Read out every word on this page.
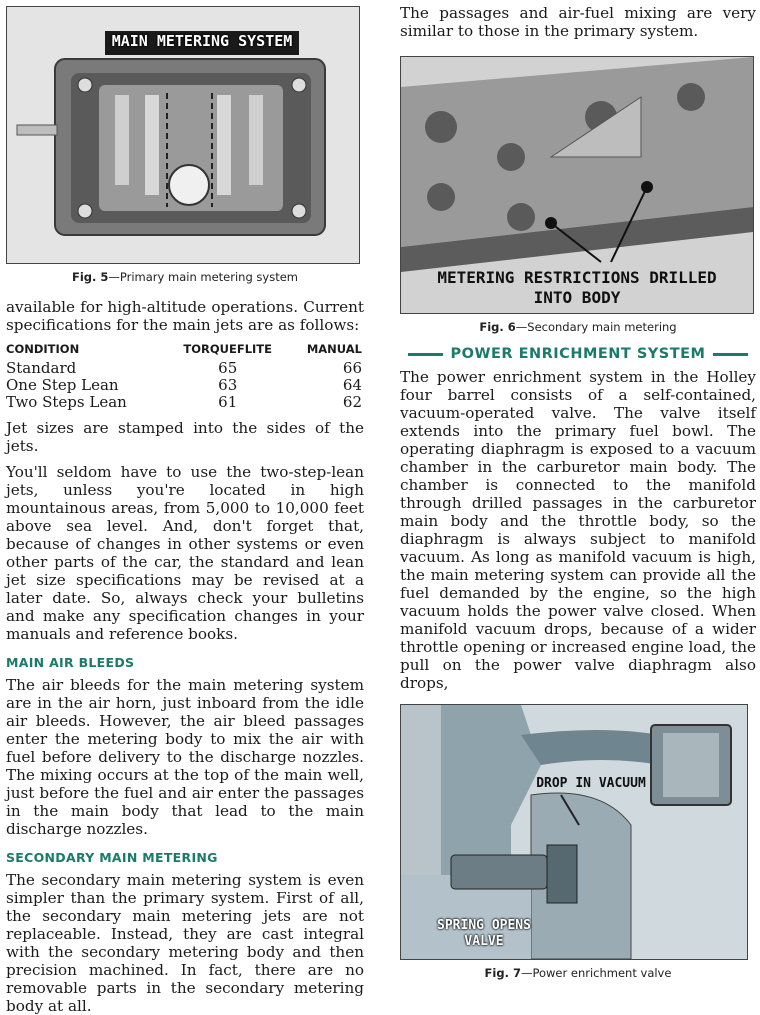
MAIN METERING SYSTEM
Fig. 5—Primary main metering system

available for high-altitude operations. Current specifications for the main jets are as follows:

CONDITION	TORQUEFLITE	MANUAL
Standard	65	66
One Step Lean	63	64
Two Steps Lean	61	62

Jet sizes are stamped into the sides of the jets.

You'll seldom have to use the two-step-lean jets, unless you're located in high mountainous areas, from 5,000 to 10,000 feet above sea level. And, don't forget that, because of changes in other systems or even other parts of the car, the standard and lean jet size specifications may be revised at a later date. So, always check your bulletins and make any specification changes in your manuals and reference books.

MAIN AIR BLEEDS

The air bleeds for the main metering system are in the air horn, just inboard from the idle air bleeds. However, the air bleed passages enter the metering body to mix the air with fuel before delivery to the discharge nozzles. The mixing occurs at the top of the main well, just before the fuel and air enter the passages in the main body that lead to the main discharge nozzles.

SECONDARY MAIN METERING

The secondary main metering system is even simpler than the primary system. First of all, the secondary main metering jets are not replaceable. Instead, they are cast integral with the secondary metering body and then precision machined. In fact, there are no removable parts in the secondary metering body at all.

The passages and air-fuel mixing are very similar to those in the primary system.

METERING RESTRICTIONS DRILLED
INTO BODY
Fig. 6—Secondary main metering
POWER ENRICHMENT SYSTEM

The power enrichment system in the Holley four barrel consists of a self-contained, vacuum-operated valve. The valve itself extends into the primary fuel bowl. The operating diaphragm is exposed to a vacuum chamber in the carburetor main body. The chamber is connected to the manifold through drilled passages in the carburetor main body and the throttle body, so the diaphragm is always subject to manifold vacuum. As long as manifold vacuum is high, the main metering system can provide all the fuel demanded by the engine, so the high vacuum holds the power valve closed. When manifold vacuum drops, because of a wider throttle opening or increased engine load, the pull on the power valve diaphragm also drops,

DROP IN VACUUM
SPRING OPENS
VALVE
Fig. 7—Power enrichment valve
